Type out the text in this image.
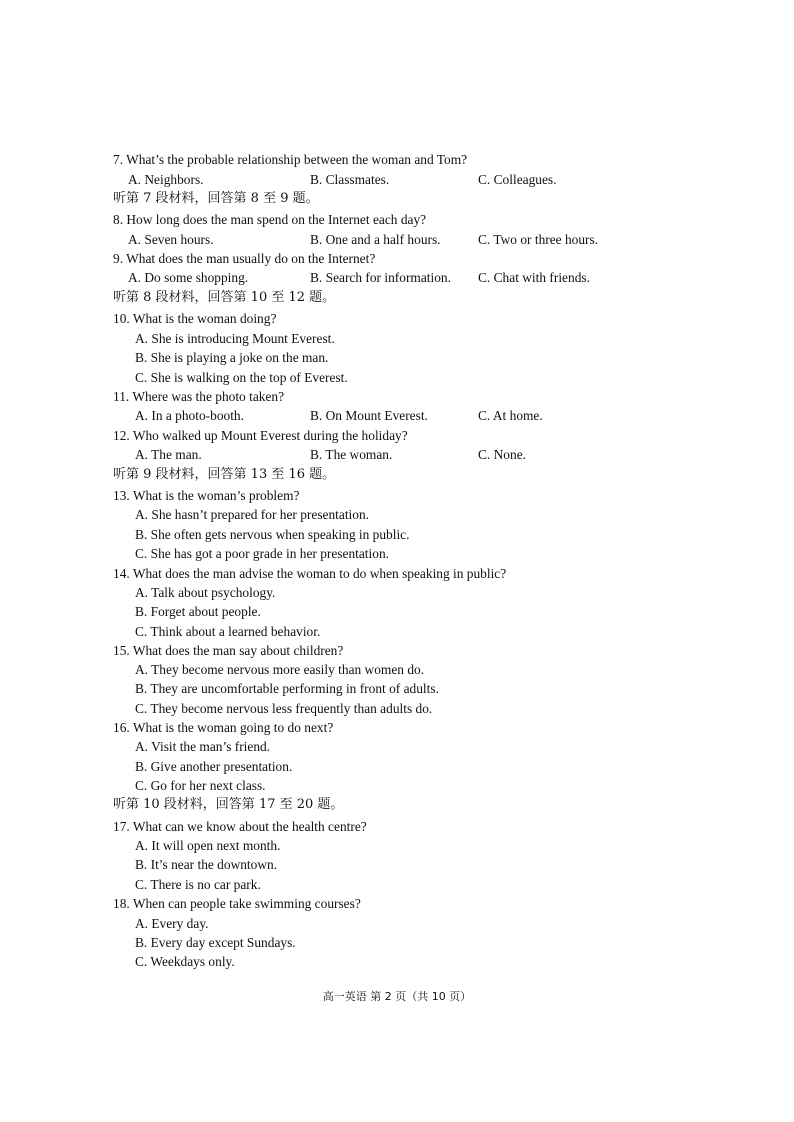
7. What’s the probable relationship between the woman and Tom?
A. Neighbors.	B. Classmates.	C. Colleagues.
听第 7 段材料，回答第 8 至 9 题。
8. How long does the man spend on the Internet each day?
A. Seven hours.	B. One and a half hours.	C. Two or three hours.
9. What does the man usually do on the Internet?
A. Do some shopping.	B. Search for information. C. Chat with friends.
听第 8 段材料，回答第 10 至 12 题。
10. What is the woman doing?
A. She is introducing Mount Everest.
B. She is playing a joke on the man.
C. She is walking on the top of Everest.
11. Where was the photo taken?
A. In a photo-booth.	B. On Mount Everest.	C. At home.
12. Who walked up Mount Everest during the holiday?
A. The man.	B. The woman.	C. None.
听第 9 段材料，回答第 13 至 16 题。
13. What is the woman’s problem?
A. She hasn’t prepared for her presentation.
B. She often gets nervous when speaking in public.
C. She has got a poor grade in her presentation.
14. What does the man advise the woman to do when speaking in public?
A. Talk about psychology.
B. Forget about people.
C. Think about a learned behavior.
15. What does the man say about children?
A. They become nervous more easily than women do.
B. They are uncomfortable performing in front of adults.
C. They become nervous less frequently than adults do.
16. What is the woman going to do next?
A. Visit the man’s friend.
B. Give another presentation.
C. Go for her next class.
听第 10 段材料，回答第 17 至 20 题。
17. What can we know about the health centre?
A. It will open next month.
B. It’s near the downtown.
C. There is no car park.
18. When can people take swimming courses?
A. Every day.
B. Every day except Sundays.
C. Weekdays only.
高一英语 第 2 页（共 10 页）
